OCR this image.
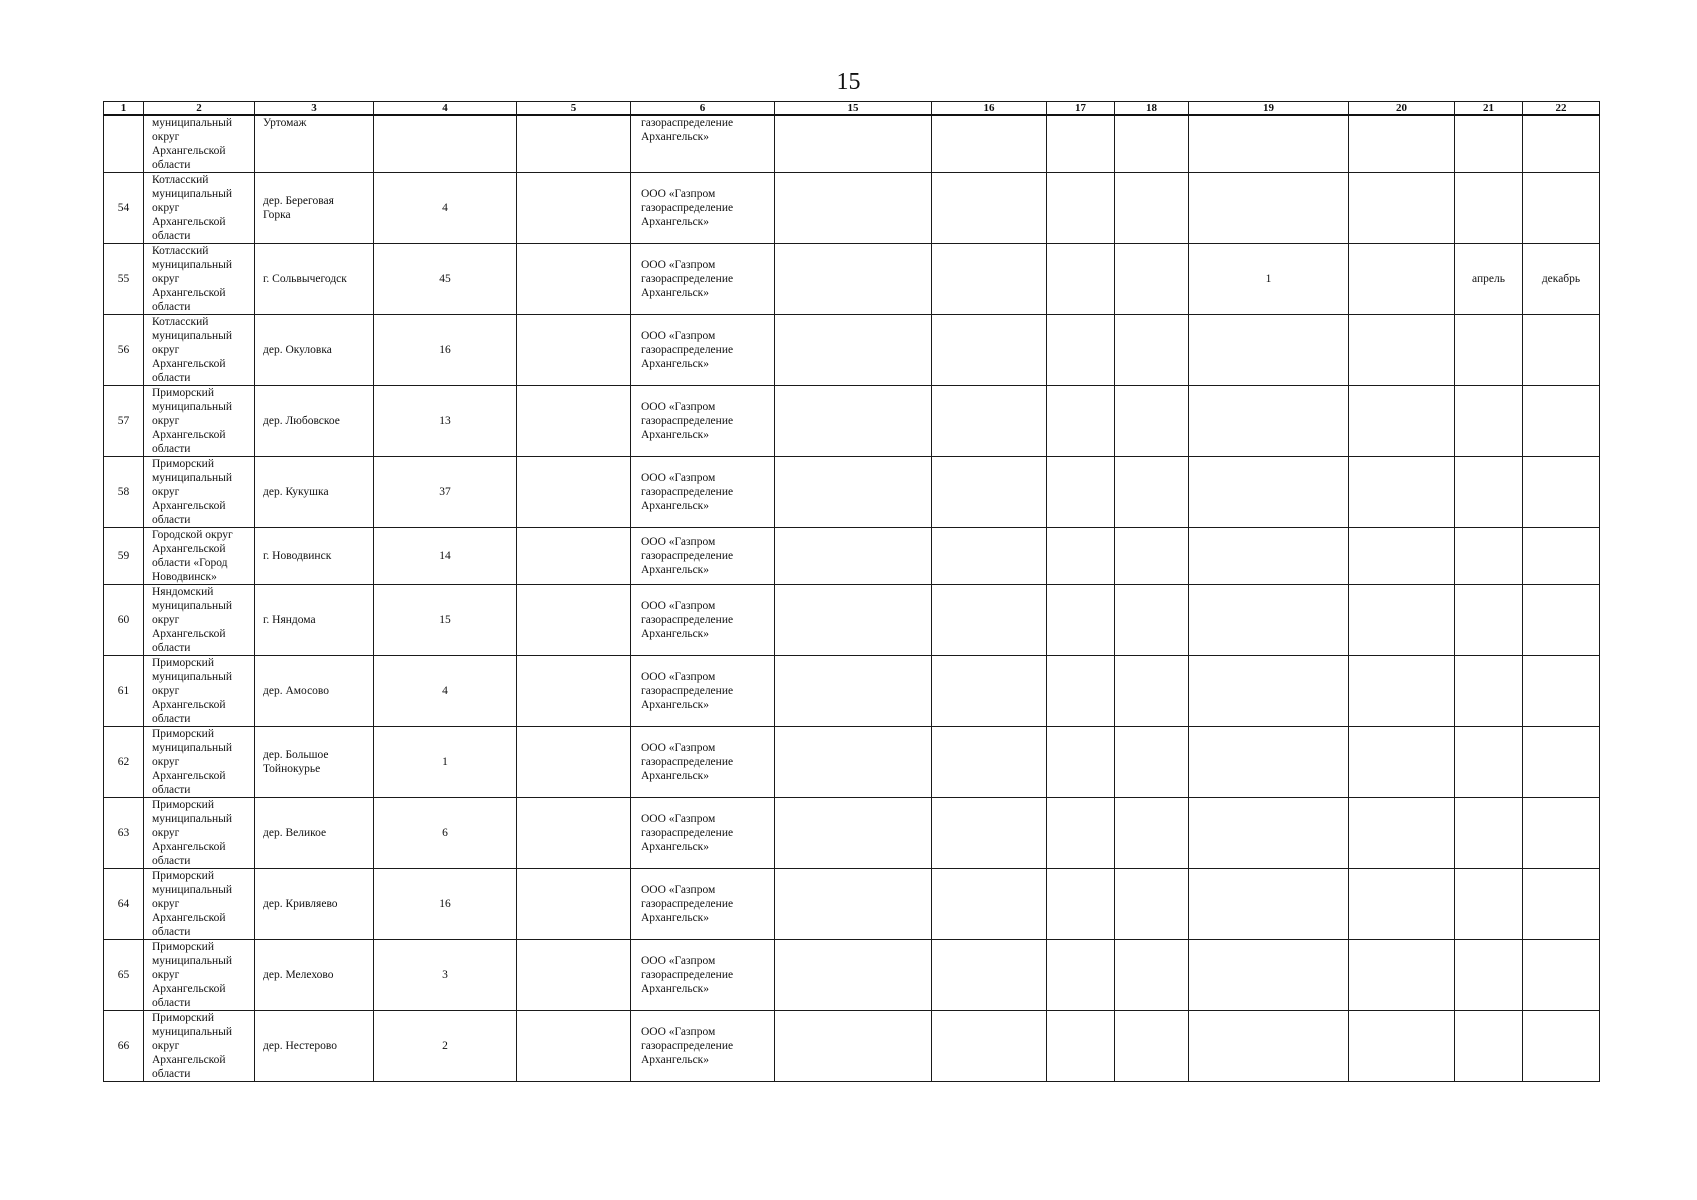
15
1	2	3	4	5	6	15	16	17	18	19	20	21	22

	муниципальный
округ
Архангельской
области	Уртомаж			газораспределение
Архангельск»								

54	Котласский
муниципальный
округ
Архангельской
области	дер. Береговая
Горка	4		ООО «Газпром
газораспределение
Архангельск»								

55	Котласский
муниципальный
округ
Архангельской
области	г. Сольвычегодск	45		ООО «Газпром
газораспределение
Архангельск»					1		апрель	декабрь

56	Котласский
муниципальный
округ
Архангельской
области	дер. Окуловка	16		ООО «Газпром
газораспределение
Архангельск»								

57	Приморский
муниципальный
округ
Архангельской
области	дер. Любовское	13		ООО «Газпром
газораспределение
Архангельск»								

58	Приморский
муниципальный
округ
Архангельской
области	дер. Кукушка	37		ООО «Газпром
газораспределение
Архангельск»								

59	Городской округ
Архангельской
области «Город
Новодвинск»	г. Новодвинск	14		ООО «Газпром
газораспределение
Архангельск»								

60	Няндомский
муниципальный
округ
Архангельской
области	г. Няндома	15		ООО «Газпром
газораспределение
Архангельск»								

61	Приморский
муниципальный
округ
Архангельской
области	дер. Амосово	4		ООО «Газпром
газораспределение
Архангельск»								

62	Приморский
муниципальный
округ
Архангельской
области	дер. Большое
Тойнокурье	1		ООО «Газпром
газораспределение
Архангельск»								

63	Приморский
муниципальный
округ
Архангельской
области	дер. Великое	6		ООО «Газпром
газораспределение
Архангельск»								

64	Приморский
муниципальный
округ
Архангельской
области	дер. Кривляево	16		ООО «Газпром
газораспределение
Архангельск»								

65	Приморский
муниципальный
округ
Архангельской
области	дер. Мелехово	3		ООО «Газпром
газораспределение
Архангельск»								

66	Приморский
муниципальный
округ
Архангельской
области	дер. Нестерово	2		ООО «Газпром
газораспределение
Архангельск»								
